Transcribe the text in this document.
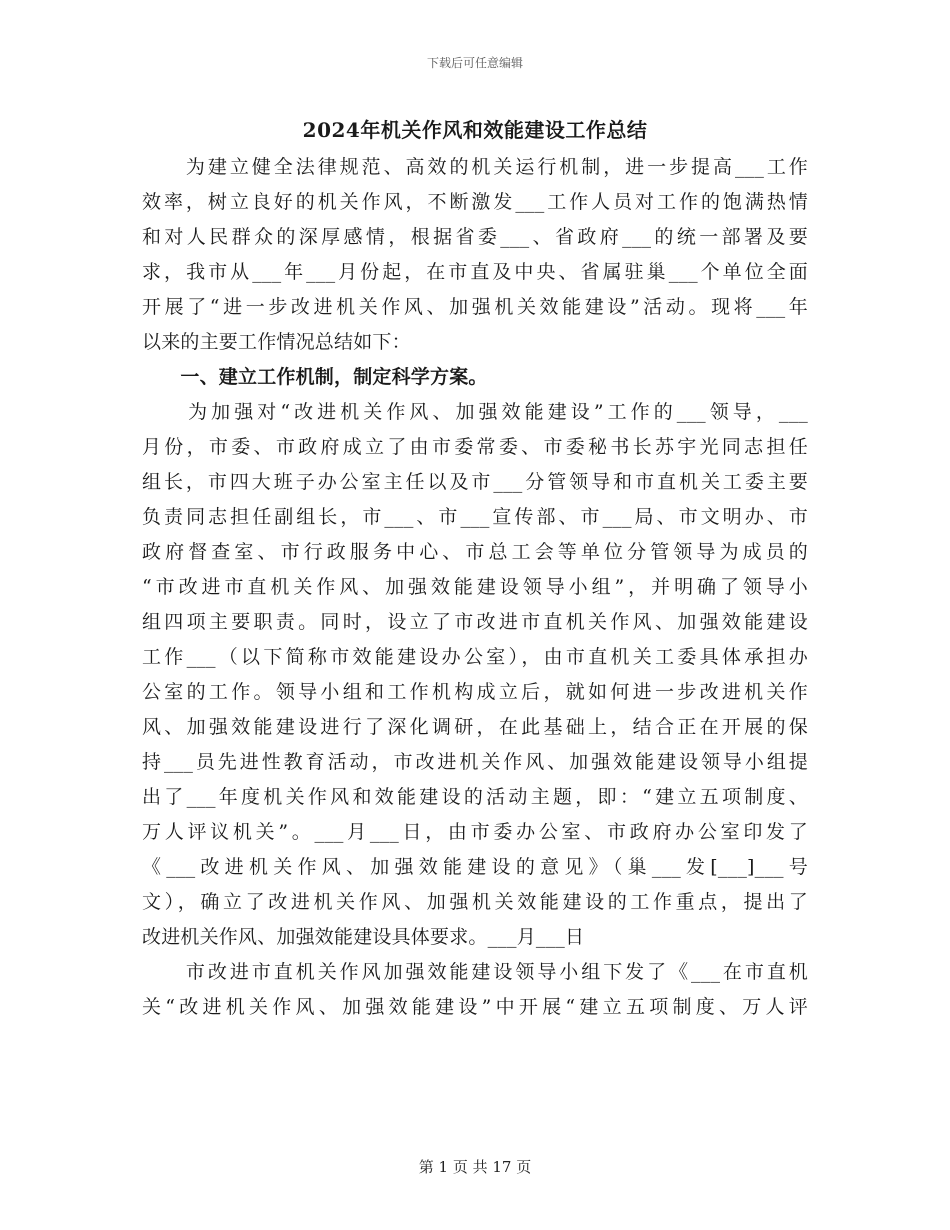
下载后可任意编辑
2024年机关作风和效能建设工作总结
　　为建立健全法律规范、高效的机关运行机制，进一步提高___工作
效率，树立良好的机关作风，不断激发___工作人员对工作的饱满热情
和对人民群众的深厚感情，根据省委___、省政府___的统一部署及要
求，我市从___年___月份起，在市直及中央、省属驻巢___个单位全面
开展了“进一步改进机关作风、加强机关效能建设”活动。现将___年
以来的主要工作情况总结如下：
　　一、建立工作机制，制定科学方案。
　　为加强对“改进机关作风、加强效能建设”工作的___领导，___
月份，市委、市政府成立了由市委常委、市委秘书长苏宇光同志担任
组长，市四大班子办公室主任以及市___分管领导和市直机关工委主要
负责同志担任副组长，市___、市___宣传部、市___局、市文明办、市
政府督查室、市行政服务中心、市总工会等单位分管领导为成员的
“市改进市直机关作风、加强效能建设领导小组”，并明确了领导小
组四项主要职责。同时，设立了市改进市直机关作风、加强效能建设
工作___（以下简称市效能建设办公室），由市直机关工委具体承担办
公室的工作。领导小组和工作机构成立后，就如何进一步改进机关作
风、加强效能建设进行了深化调研，在此基础上，结合正在开展的保
持___员先进性教育活动，市改进机关作风、加强效能建设领导小组提
出了___年度机关作风和效能建设的活动主题，即：“建立五项制度、
万人评议机关”。___月___日，由市委办公室、市政府办公室印发了
《___改进机关作风、加强效能建设的意见》（巢___发[___]___号
文），确立了改进机关作风、加强机关效能建设的工作重点，提出了
改进机关作风、加强效能建设具体要求。___月___日
　　市改进市直机关作风加强效能建设领导小组下发了《___在市直机
关“改进机关作风、加强效能建设”中开展“建立五项制度、万人评
第 1 页 共 17 页
